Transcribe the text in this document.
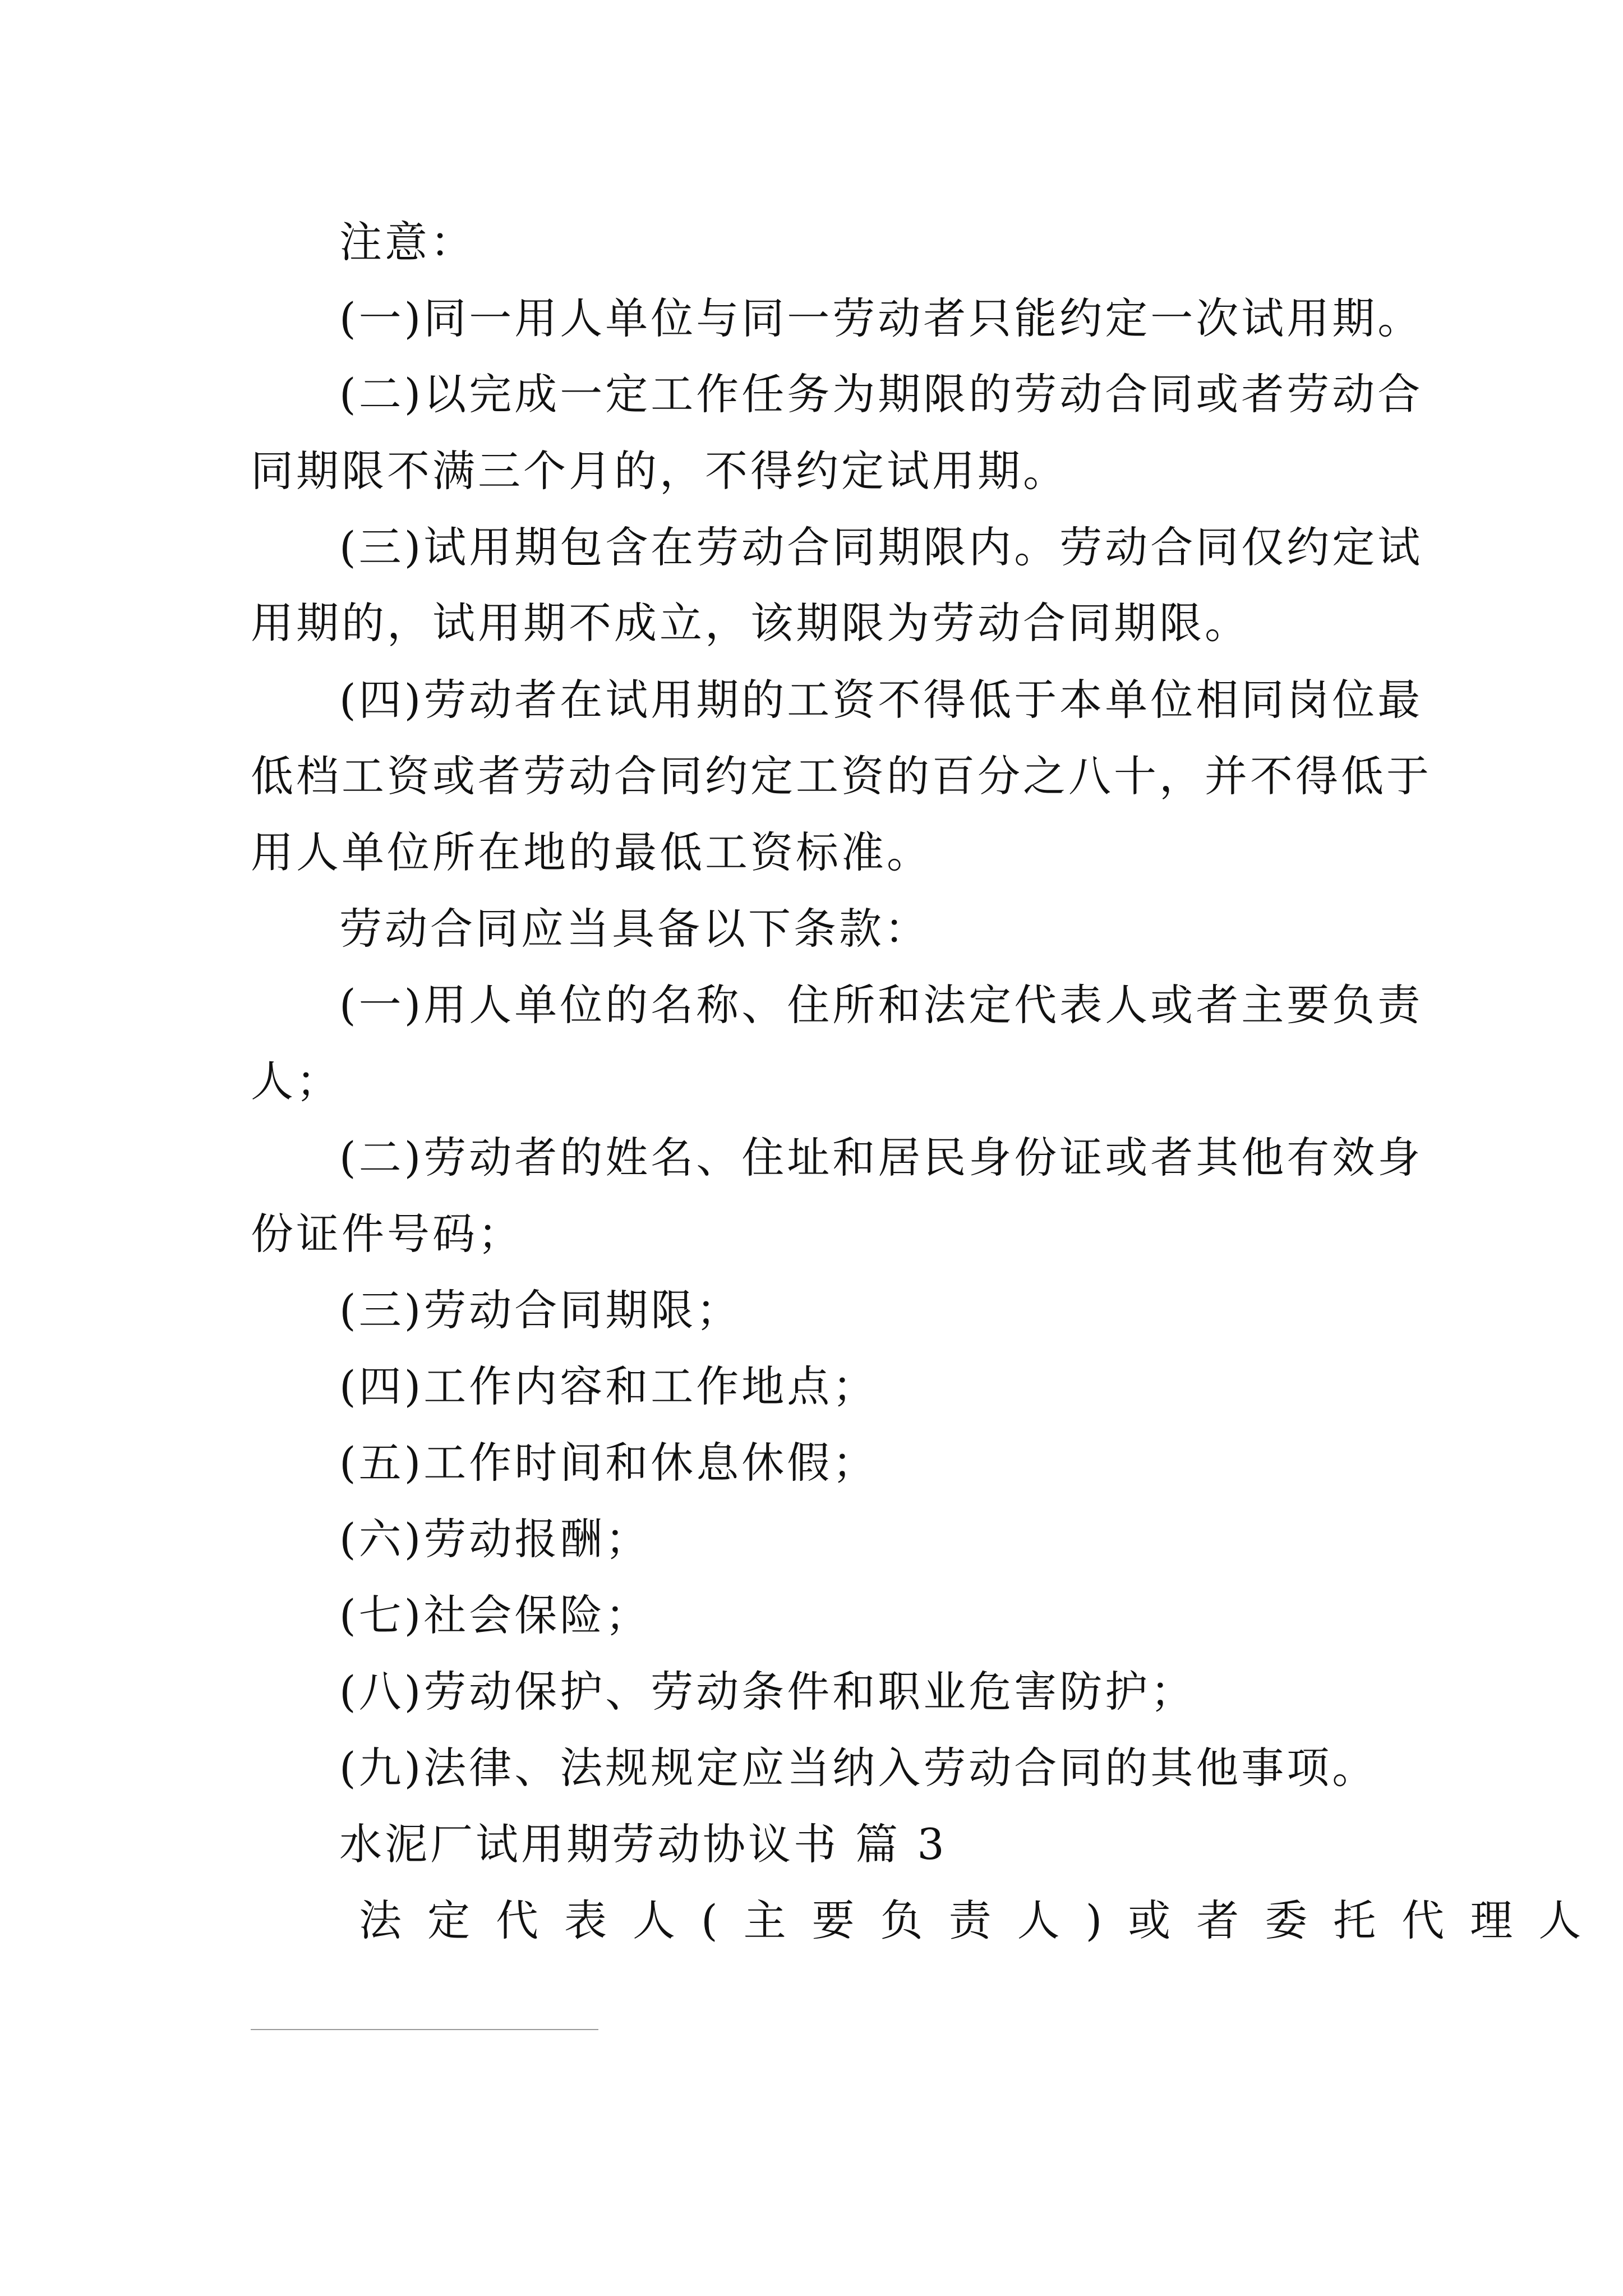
注意：
(一)同一用人单位与同一劳动者只能约定一次试用期。
(二)以完成一定工作任务为期限的劳动合同或者劳动合
同期限不满三个月的，不得约定试用期。
(三)试用期包含在劳动合同期限内。劳动合同仅约定试
用期的，试用期不成立，该期限为劳动合同期限。
(四)劳动者在试用期的工资不得低于本单位相同岗位最
低档工资或者劳动合同约定工资的百分之八十，并不得低于
用人单位所在地的最低工资标准。
劳动合同应当具备以下条款：
(一)用人单位的名称、住所和法定代表人或者主要负责
人；
(二)劳动者的姓名、住址和居民身份证或者其他有效身
份证件号码；
(三)劳动合同期限；
(四)工作内容和工作地点；
(五)工作时间和休息休假；
(六)劳动报酬；
(七)社会保险；
(八)劳动保护、劳动条件和职业危害防护；
(九)法律、法规规定应当纳入劳动合同的其他事项。
水泥厂试用期劳动协议书 篇 3
法定代表人(主要负责人)或者委托代理人
